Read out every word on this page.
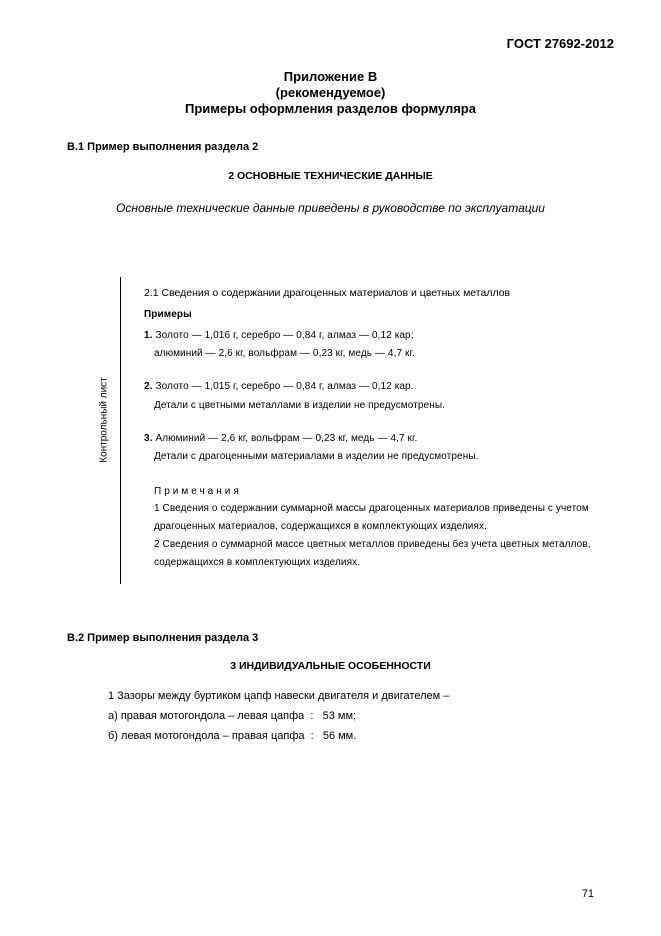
ГОСТ 27692-2012
Приложение В
(рекомендуемое)
Примеры оформления разделов формуляра
В.1 Пример выполнения раздела 2
2 ОСНОВНЫЕ ТЕХНИЧЕСКИЕ ДАННЫЕ
Основные технические данные приведены в руководстве по эксплуатации
Контрольный лист
2.1 Сведения о содержании драгоценных материалов и цветных металлов
Примеры
1. Золото — 1,016 г, серебро — 0,84 г, алмаз — 0,12 кар;
алюминий — 2,6 кг, вольфрам — 0,23 кг, медь — 4,7 кг.
2. Золото — 1,015 г, серебро — 0,84 г, алмаз — 0,12 кар.
Детали с цветными металлами в изделии не предусмотрены.
3. Алюминий — 2,6 кг, вольфрам — 0,23 кг, медь — 4,7 кг.
Детали с драгоценными материалами в изделии не предусмотрены.
Примечания
1 Сведения о содержании суммарной массы драгоценных материалов приведены с учетом
драгоценных материалов, содержащихся в комплектующих изделиях.
2 Сведения о суммарной массе цветных металлов приведены без учета цветных металлов,
содержащихся в комплектующих изделиях.
В.2 Пример выполнения раздела 3
3 ИНДИВИДУАЛЬНЫЕ ОСОБЕННОСТИ
1 Зазоры между буртиком цапф навески двигателя и двигателем –
а) правая мотогондола – левая цапфа  :   53 мм;
б) левая мотогондола – правая цапфа  :   56 мм.
71
